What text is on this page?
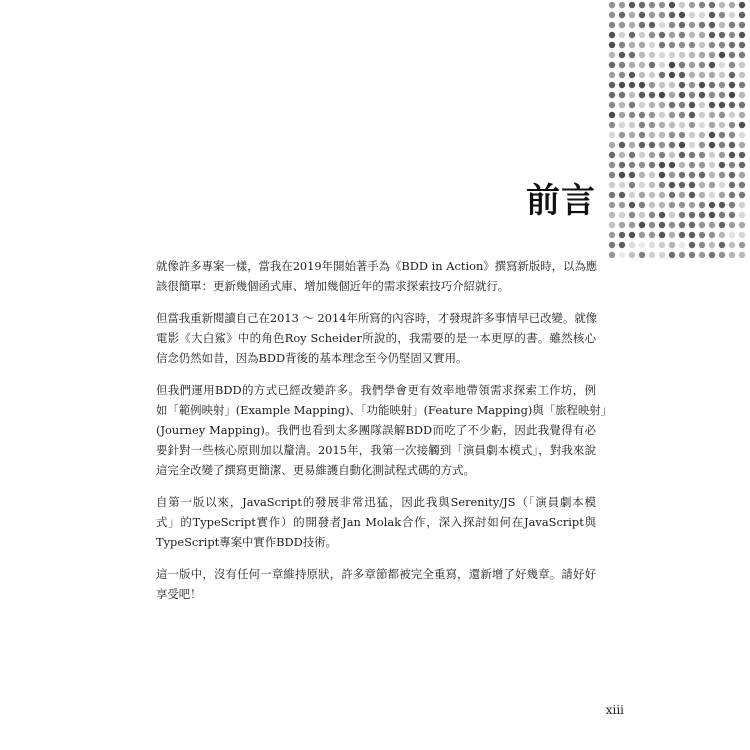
前言

就像許多專案一樣，當我在2019年開始著手為《BDD in Action》撰寫新版時，以為應
該很簡單：更新幾個函式庫、增加幾個近年的需求探索技巧介紹就行。

但當我重新閱讀自己在2013 ～ 2014年所寫的內容時，才發現許多事情早已改變。就像
電影《大白鯊》中的角色Roy Scheider所說的，我需要的是一本更厚的書。雖然核心
信念仍然如昔，因為BDD背後的基本理念至今仍堅固又實用。

但我們運用BDD的方式已經改變許多。我們學會更有效率地帶領需求探索工作坊，例
如「範例映射」(Example Mapping)、「功能映射」(Feature Mapping)與「旅程映射」
(Journey Mapping)。我們也看到太多團隊誤解BDD而吃了不少虧，因此我覺得有必
要針對一些核心原則加以釐清。2015年，我第一次接觸到「演員劇本模式」，對我來說
這完全改變了撰寫更簡潔、更易維護自動化測試程式碼的方式。

自第一版以來，JavaScript的發展非常迅猛，因此我與Serenity/JS（「演員劇本模
式」的TypeScript實作）的開發者Jan Molak合作，深入探討如何在JavaScript與
TypeScript專案中實作BDD技術。

這一版中，沒有任何一章維持原狀，許多章節都被完全重寫，還新增了好幾章。請好好
享受吧！

xiii
